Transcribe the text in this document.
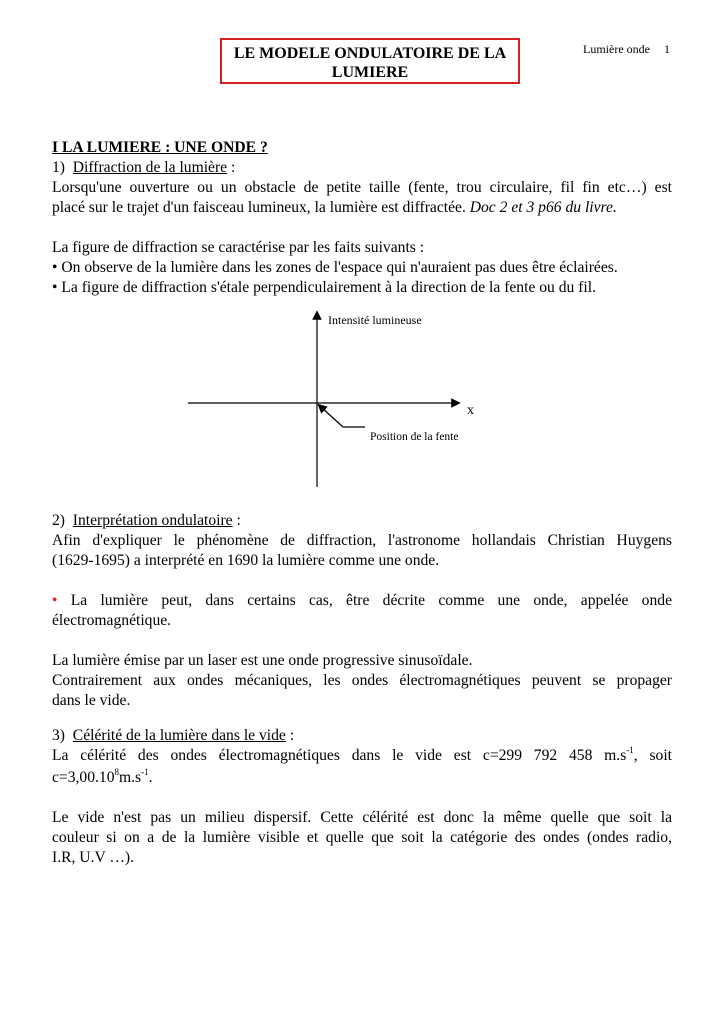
LE MODELE ONDULATOIRE DE LA
LUMIERE
Lumière onde 1
I LA LUMIERE : UNE ONDE ?
1) Diffraction de la lumière :
Lorsqu'une ouverture ou un obstacle de petite taille (fente, trou circulaire, fil fin etc…) est
placé sur le trajet d'un faisceau lumineux, la lumière est diffractée. Doc 2 et 3 p66 du livre.
La figure de diffraction se caractérise par les faits suivants :
• On observe de la lumière dans les zones de l'espace qui n'auraient pas dues être éclairées.
• La figure de diffraction s'étale perpendiculairement à la direction de la fente ou du fil.
Intensité lumineuse
x
Position de la fente
2) Interprétation ondulatoire :
Afin d'expliquer le phénomène de diffraction, l'astronome hollandais Christian Huygens
(1629-1695) a interprété en 1690 la lumière comme une onde.
• La lumière peut, dans certains cas, être décrite comme une onde, appelée onde
électromagnétique.
La lumière émise par un laser est une onde progressive sinusoïdale.
Contrairement aux ondes mécaniques, les ondes électromagnétiques peuvent se propager
dans le vide.
3) Célérité de la lumière dans le vide :
La célérité des ondes électromagnétiques dans le vide est c=299 792 458 $m.s^{-1}$, soit
$c=3,00.10^8m.s^{-1}$.
Le vide n'est pas un milieu dispersif. Cette célérité est donc la même quelle que soit la
couleur si on a de la lumière visible et quelle que soit la catégorie des ondes (ondes radio,
I.R, U.V …).
